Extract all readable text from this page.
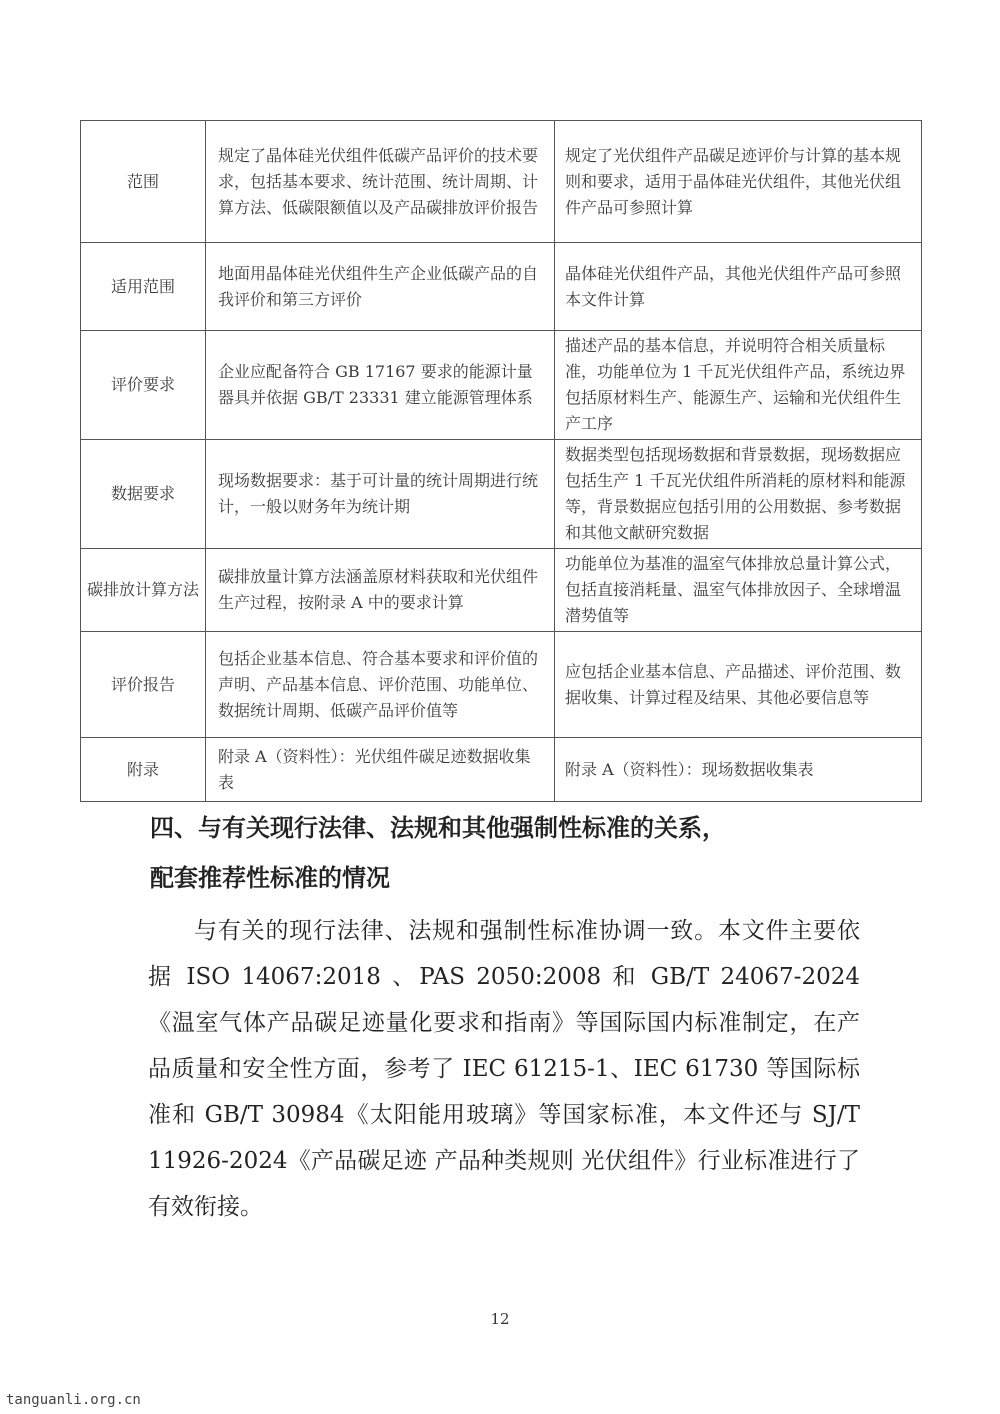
范围	规定了晶体硅光伏组件低碳产品评价的技术要求，包括基本要求、统计范围、统计周期、计算方法、低碳限额值以及产品碳排放评价报告	规定了光伏组件产品碳足迹评价与计算的基本规则和要求，适用于晶体硅光伏组件，其他光伏组件产品可参照计算
适用范围	地面用晶体硅光伏组件生产企业低碳产品的自我评价和第三方评价	晶体硅光伏组件产品，其他光伏组件产品可参照本文件计算
评价要求	企业应配备符合 GB 17167 要求的能源计量器具并依据 GB/T 23331 建立能源管理体系	描述产品的基本信息，并说明符合相关质量标准，功能单位为 1 千瓦光伏组件产品，系统边界包括原材料生产、能源生产、运输和光伏组件生产工序
数据要求	现场数据要求：基于可计量的统计周期进行统计，一般以财务年为统计期	数据类型包括现场数据和背景数据，现场数据应包括生产 1 千瓦光伏组件所消耗的原材料和能源等，背景数据应包括引用的公用数据、参考数据和其他文献研究数据
碳排放计算方法	碳排放量计算方法涵盖原材料获取和光伏组件生产过程，按附录 A 中的要求计算	功能单位为基准的温室气体排放总量计算公式，包括直接消耗量、温室气体排放因子、全球增温潜势值等
评价报告	包括企业基本信息、符合基本要求和评价值的声明、产品基本信息、评价范围、功能单位、数据统计周期、低碳产品评价值等	应包括企业基本信息、产品描述、评价范围、数据收集、计算过程及结果、其他必要信息等
附录	附录 A（资料性）：光伏组件碳足迹数据收集表	附录 A（资料性）：现场数据收集表
四、与有关现行法律、法规和其他强制性标准的关系，
配套推荐性标准的情况
与有关的现行法律、法规和强制性标准协调一致。本文件主要依据 ISO 14067:2018 、PAS 2050:2008 和 GB/T 24067-2024《温室气体产品碳足迹量化要求和指南》等国际国内标准制定，在产品质量和安全性方面，参考了 IEC 61215-1、IEC 61730 等国际标准和 GB/T 30984《太阳能用玻璃》等国家标准，本文件还与 SJ/T 11926-2024《产品碳足迹 产品种类规则 光伏组件》行业标准进行了有效衔接。
12
tanguanli.org.cn
